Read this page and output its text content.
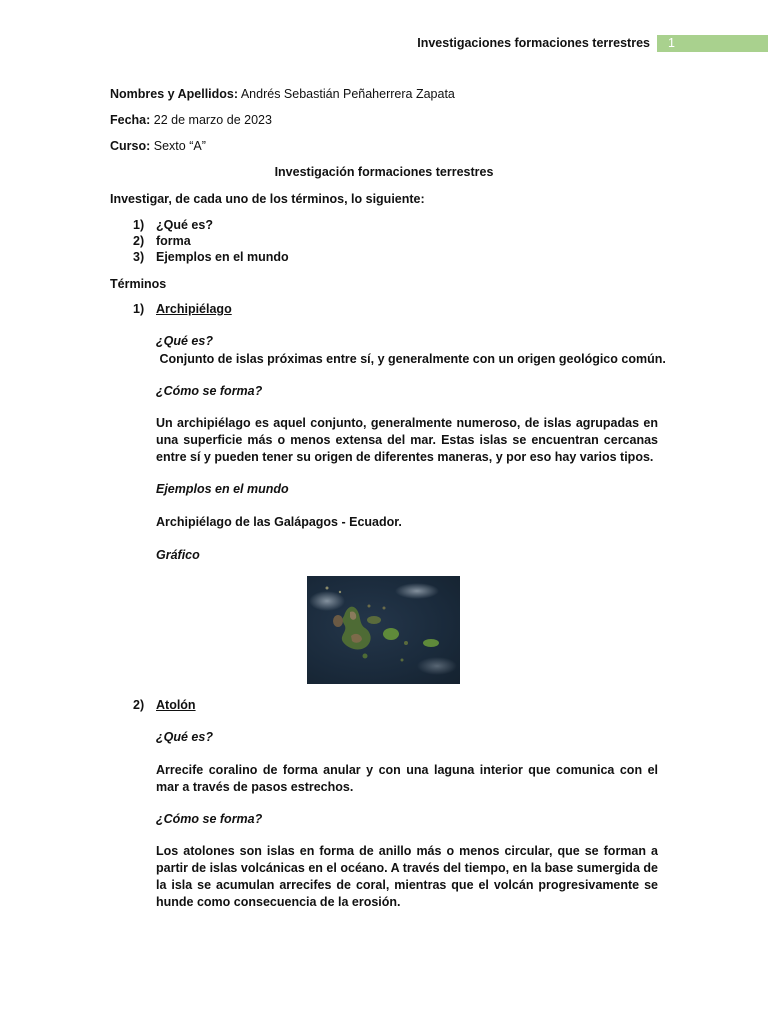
Investigaciones formaciones terrestres	1
Nombres y Apellidos: Andrés Sebastián Peñaherrera Zapata
Fecha: 22 de marzo de 2023
Curso: Sexto “A”
Investigación formaciones terrestres
Investigar, de cada uno de los términos, lo siguiente:
1) ¿Qué es?
2) forma
3) Ejemplos en el mundo
Términos
1) Archipiélago
¿Qué es?
Conjunto de islas próximas entre sí, y generalmente con un origen geológico común.
¿Cómo se forma?
Un archipiélago es aquel conjunto, generalmente numeroso, de islas agrupadas en una superficie más o menos extensa del mar. Estas islas se encuentran cercanas entre sí y pueden tener su origen de diferentes maneras, y por eso hay varios tipos.
Ejemplos en el mundo
Archipiélago de las Galápagos - Ecuador.
Gráfico
2) Atolón
¿Qué es?
Arrecife coralino de forma anular y con una laguna interior que comunica con el mar a través de pasos estrechos.
¿Cómo se forma?
Los atolones son islas en forma de anillo más o menos circular, que se forman a partir de islas volcánicas en el océano. A través del tiempo, en la base sumergida de la isla se acumulan arrecifes de coral, mientras que el volcán progresivamente se hunde como consecuencia de la erosión.
